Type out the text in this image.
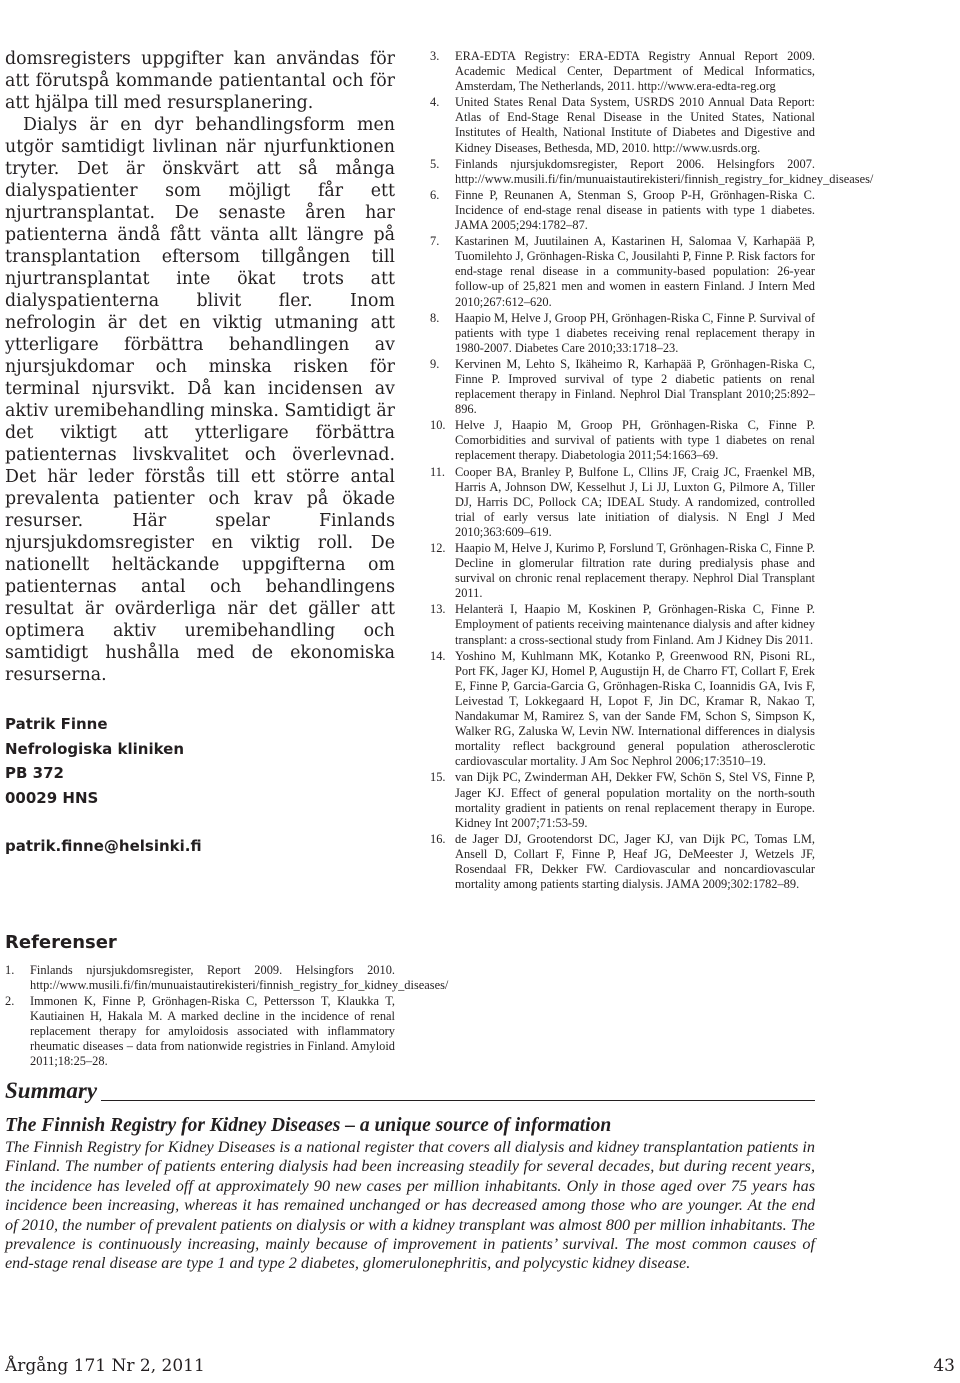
domsregisters uppgifter kan användas för att förutspå kommande patientantal och för att hjälpa till med resursplanering.

Dialys är en dyr behandlingsform men utgör samtidigt livlinan när njurfunktionen tryter. Det är önskvärt att så många dialyspatienter som möjligt får ett njurtransplantat. De senaste åren har patienterna ändå fått vänta allt längre på transplantation eftersom tillgången till njurtransplantat inte ökat trots att dialyspatienterna blivit fler. Inom nefrologin är det en viktig utmaning att ytterligare förbättra behandlingen av njursjukdomar och minska risken för terminal njursvikt. Då kan incidensen av aktiv uremibehandling minska. Samtidigt är det viktigt att ytterligare förbättra patienternas livskvalitet och överlevnad. Det här leder förstås till ett större antal prevalenta patienter och krav på ökade resurser. Här spelar Finlands njursjukdomsregister en viktig roll. De nationellt heltäckande uppgifterna om patienternas antal och behandlingens resultat är ovärderliga när det gäller att optimera aktiv uremibehandling och samtidigt hushålla med de ekonomiska resurserna.

Patrik Finne
Nefrologiska kliniken
PB 372
00029 HNS
patrik.finne@helsinki.fi
Referenser
1. Finlands njursjukdomsregister, Report 2009. Helsingfors 2010. http://www.musili.fi/fin/munuaistautirekisteri/finnish_registry_for_kidney_diseases/
2. Immonen K, Finne P, Grönhagen-Riska C, Pettersson T, Klaukka T, Kautiainen H, Hakala M. A marked decline in the incidence of renal replacement therapy for amyloidosis associated with inflammatory rheumatic diseases – data from nationwide registries in Finland. Amyloid 2011;18:25–28.
3. ERA-EDTA Registry: ERA-EDTA Registry Annual Report 2009. Academic Medical Center, Department of Medical Informatics, Amsterdam, The Netherlands, 2011. http://www.era-edta-reg.org
4. United States Renal Data System, USRDS 2010 Annual Data Report: Atlas of End-Stage Renal Disease in the United States, National Institutes of Health, National Institute of Diabetes and Digestive and Kidney Diseases, Bethesda, MD, 2010. http://www.usrds.org.
5. Finlands njursjukdomsregister, Report 2006. Helsingfors 2007. http://www.musili.fi/fin/munuaistautirekisteri/finnish_registry_for_kidney_diseases/
6. Finne P, Reunanen A, Stenman S, Groop P-H, Grönhagen-Riska C. Incidence of end-stage renal disease in patients with type 1 diabetes. JAMA 2005;294:1782–87.
7. Kastarinen M, Juutilainen A, Kastarinen H, Salomaa V, Karhapää P, Tuomilehto J, Grönhagen-Riska C, Jousilahti P, Finne P. Risk factors for end-stage renal disease in a community-based population: 26-year follow-up of 25,821 men and women in eastern Finland. J Intern Med 2010;267:612–620.
8. Haapio M, Helve J, Groop PH, Grönhagen-Riska C, Finne P. Survival of patients with type 1 diabetes receiving renal replacement therapy in 1980-2007. Diabetes Care 2010;33:1718–23.
9. Kervinen M, Lehto S, Ikäheimo R, Karhapää P, Grönhagen-Riska C, Finne P. Improved survival of type 2 diabetic patients on renal replacement therapy in Finland. Nephrol Dial Transplant 2010;25:892–896.
10. Helve J, Haapio M, Groop PH, Grönhagen-Riska C, Finne P. Comorbidities and survival of patients with type 1 diabetes on renal replacement therapy. Diabetologia 2011;54:1663–69.
11. Cooper BA, Branley P, Bulfone L, Cllins JF, Craig JC, Fraenkel MB, Harris A, Johnson DW, Kesselhut J, Li JJ, Luxton G, Pilmore A, Tiller DJ, Harris DC, Pollock CA; IDEAL Study. A randomized, controlled trial of early versus late initiation of dialysis. N Engl J Med 2010;363:609–619.
12. Haapio M, Helve J, Kurimo P, Forslund T, Grönhagen-Riska C, Finne P. Decline in glomerular filtration rate during predialysis phase and survival on chronic renal replacement therapy. Nephrol Dial Transplant 2011.
13. Helanterä I, Haapio M, Koskinen P, Grönhagen-Riska C, Finne P. Employment of patients receiving maintenance dialysis and after kidney transplant: a cross-sectional study from Finland. Am J Kidney Dis 2011.
14. Yoshino M, Kuhlmann MK, Kotanko P, Greenwood RN, Pisoni RL, Port FK, Jager KJ, Homel P, Augustijn H, de Charro FT, Collart F, Erek E, Finne P, Garcia-Garcia G, Grönhagen-Riska C, Ioannidis GA, Ivis F, Leivestad T, Lokkegaard H, Lopot F, Jin DC, Kramar R, Nakao T, Nandakumar M, Ramirez S, van der Sande FM, Schon S, Simpson K, Walker RG, Zaluska W, Levin NW. International differences in dialysis mortality reflect background general population atherosclerotic cardiovascular mortality. J Am Soc Nephrol 2006;17:3510–19.
15. van Dijk PC, Zwinderman AH, Dekker FW, Schön S, Stel VS, Finne P, Jager KJ. Effect of general population mortality on the north-south mortality gradient in patients on renal replacement therapy in Europe. Kidney Int 2007;71:53-59.
16. de Jager DJ, Grootendorst DC, Jager KJ, van Dijk PC, Tomas LM, Ansell D, Collart F, Finne P, Heaf JG, DeMeester J, Wetzels JF, Rosendaal FR, Dekker FW. Cardiovascular and noncardiovascular mortality among patients starting dialysis. JAMA 2009;302:1782–89.
Summary
The Finnish Registry for Kidney Diseases – a unique source of information

The Finnish Registry for Kidney Diseases is a national register that covers all dialysis and kidney transplantation patients in Finland. The number of patients entering dialysis had been increasing steadily for several decades, but during recent years, the incidence has leveled off at approximately 90 new cases per million inhabitants. Only in those aged over 75 years has incidence been increasing, whereas it has remained unchanged or has decreased among those who are younger. At the end of 2010, the number of prevalent patients on dialysis or with a kidney transplant was almost 800 per million inhabitants. The prevalence is continuously increasing, mainly because of improvement in patients’ survival. The most common causes of end-stage renal disease are type 1 and type 2 diabetes, glomerulonephritis, and polycystic kidney disease.

Årgång 171 Nr 2, 2011	43
